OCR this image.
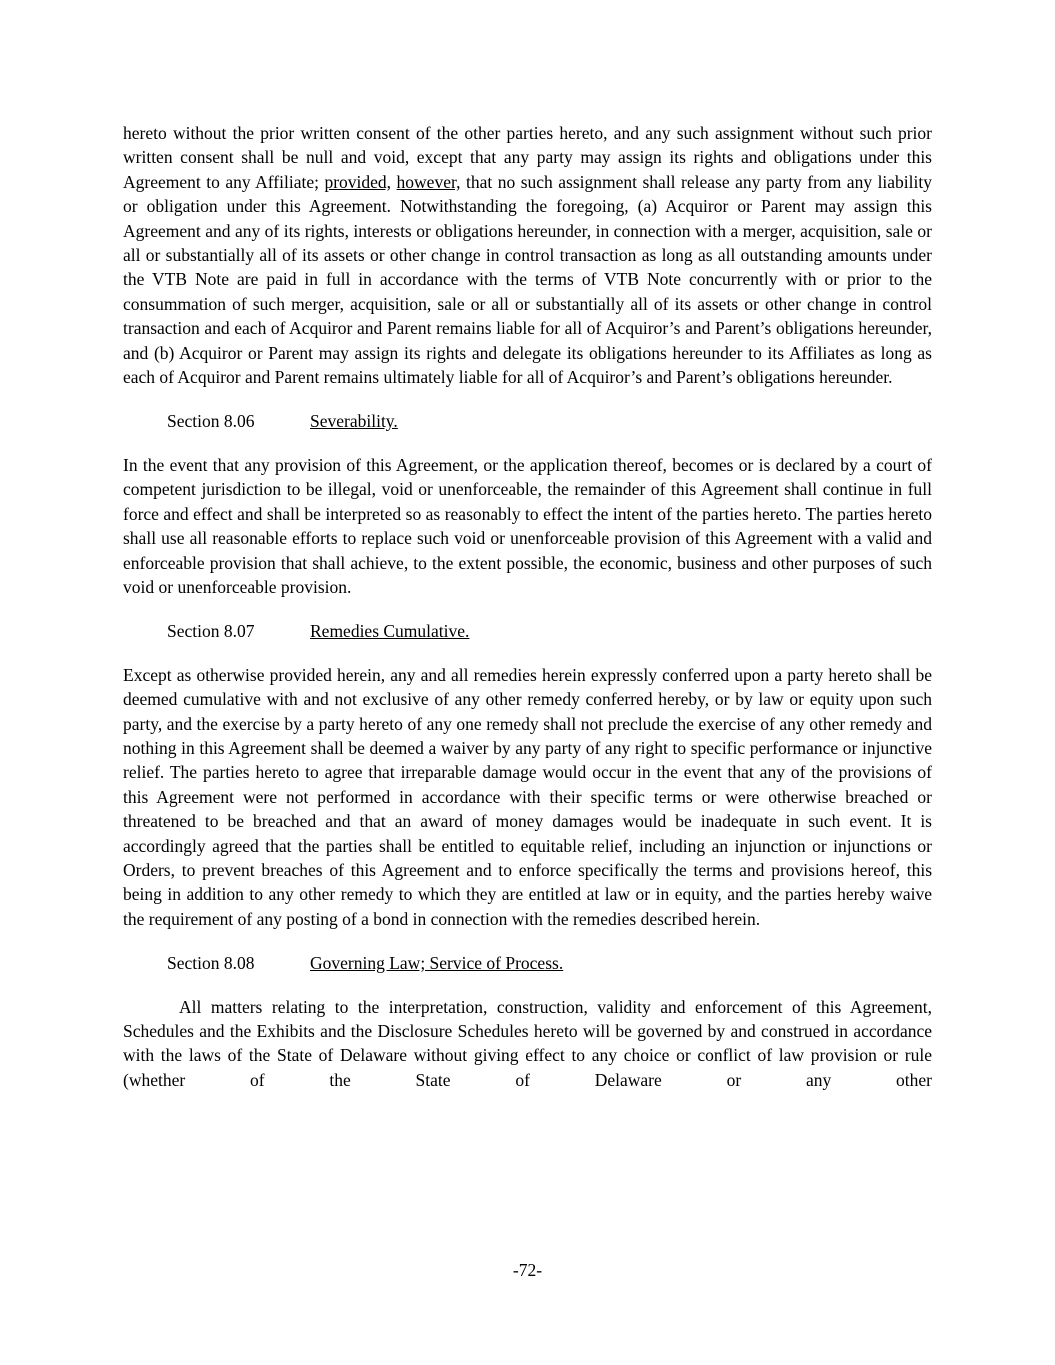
hereto without the prior written consent of the other parties hereto, and any such assignment without such prior written consent shall be null and void, except that any party may assign its rights and obligations under this Agreement to any Affiliate; provided, however, that no such assignment shall release any party from any liability or obligation under this Agreement. Notwithstanding the foregoing, (a) Acquiror or Parent may assign this Agreement and any of its rights, interests or obligations hereunder, in connection with a merger, acquisition, sale or all or substantially all of its assets or other change in control transaction as long as all outstanding amounts under the VTB Note are paid in full in accordance with the terms of VTB Note concurrently with or prior to the consummation of such merger, acquisition, sale or all or substantially all of its assets or other change in control transaction and each of Acquiror and Parent remains liable for all of Acquiror’s and Parent’s obligations hereunder, and (b) Acquiror or Parent may assign its rights and delegate its obligations hereunder to its Affiliates as long as each of Acquiror and Parent remains ultimately liable for all of Acquiror’s and Parent’s obligations hereunder.

Section 8.06	Severability.

In the event that any provision of this Agreement, or the application thereof, becomes or is declared by a court of competent jurisdiction to be illegal, void or unenforceable, the remainder of this Agreement shall continue in full force and effect and shall be interpreted so as reasonably to effect the intent of the parties hereto. The parties hereto shall use all reasonable efforts to replace such void or unenforceable provision of this Agreement with a valid and enforceable provision that shall achieve, to the extent possible, the economic, business and other purposes of such void or unenforceable provision.

Section 8.07	Remedies Cumulative.

Except as otherwise provided herein, any and all remedies herein expressly conferred upon a party hereto shall be deemed cumulative with and not exclusive of any other remedy conferred hereby, or by law or equity upon such party, and the exercise by a party hereto of any one remedy shall not preclude the exercise of any other remedy and nothing in this Agreement shall be deemed a waiver by any party of any right to specific performance or injunctive relief. The parties hereto to agree that irreparable damage would occur in the event that any of the provisions of this Agreement were not performed in accordance with their specific terms or were otherwise breached or threatened to be breached and that an award of money damages would be inadequate in such event. It is accordingly agreed that the parties shall be entitled to equitable relief, including an injunction or injunctions or Orders, to prevent breaches of this Agreement and to enforce specifically the terms and provisions hereof, this being in addition to any other remedy to which they are entitled at law or in equity, and the parties hereby waive the requirement of any posting of a bond in connection with the remedies described herein.

Section 8.08	Governing Law; Service of Process.

All matters relating to the interpretation, construction, validity and enforcement of this Agreement, Schedules and the Exhibits and the Disclosure Schedules hereto will be governed by and construed in accordance with the laws of the State of Delaware without giving effect to any choice or conflict of law provision or rule (whether of the State of Delaware or any other

-72-
